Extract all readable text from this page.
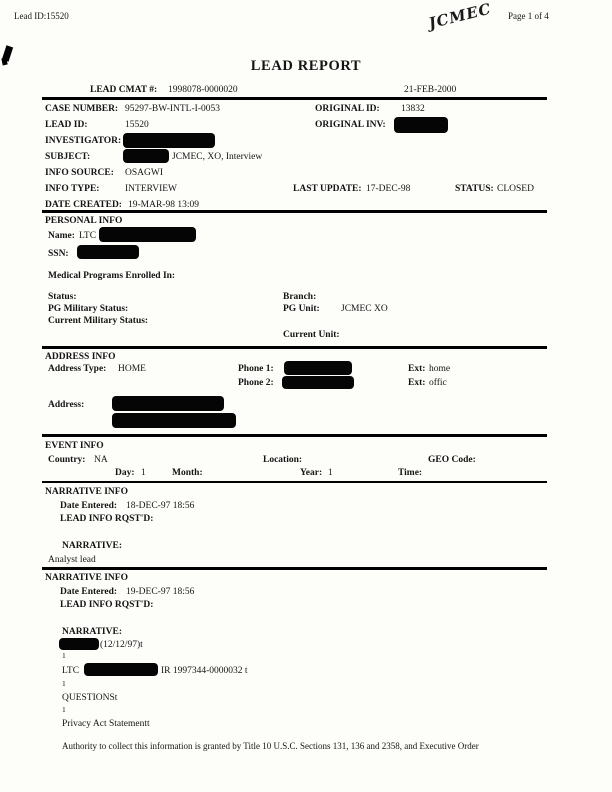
Lead ID:15520	JCMEC Page 1 of 4
LEAD REPORT
LEAD CMAT #: 1998078-0000020	21-FEB-2000
CASE NUMBER: 95297-BW-INTL-I-0053	ORIGINAL ID: 13832
LEAD ID:	15520	ORIGINAL INV:
INVESTIGATOR:
SUBJECT:	JCMEC, XO, Interview
INFO SOURCE: OSAGWI
INFO TYPE:	INTERVIEW	LAST UPDATE: 17-DEC-98	STATUS: CLOSED
DATE CREATED: 19-MAR-98 13:09
PERSONAL INFO
Name: LTC
SSN:
Medical Programs Enrolled In:
Status:	Branch:
PG Military Status:	PG Unit: JCMEC XO
Current Military Status:
Current Unit:
ADDRESS INFO
Address Type: HOME	Phone 1:	Ext: home
Phone 2:	Ext: offic
Address:
EVENT INFO
Country: NA	Location:	GEO Code:
Day: 1	Month:	Year: 1	Time:
NARRATIVE INFO
Date Entered: 18-DEC-97 18:56
LEAD INFO RQST'D:
NARRATIVE:
Analyst lead
NARRATIVE INFO
Date Entered: 19-DEC-97 18:56
LEAD INFO RQST'D:
NARRATIVE:
(12/12/97)t
1
LTC	IR 1997344-0000032 t
1
QUESTIONSt
1
Privacy Act Statementt
Authority to collect this information is granted by Title 10 U.S.C. Sections 131, 136 and 2358, and Executive Order
